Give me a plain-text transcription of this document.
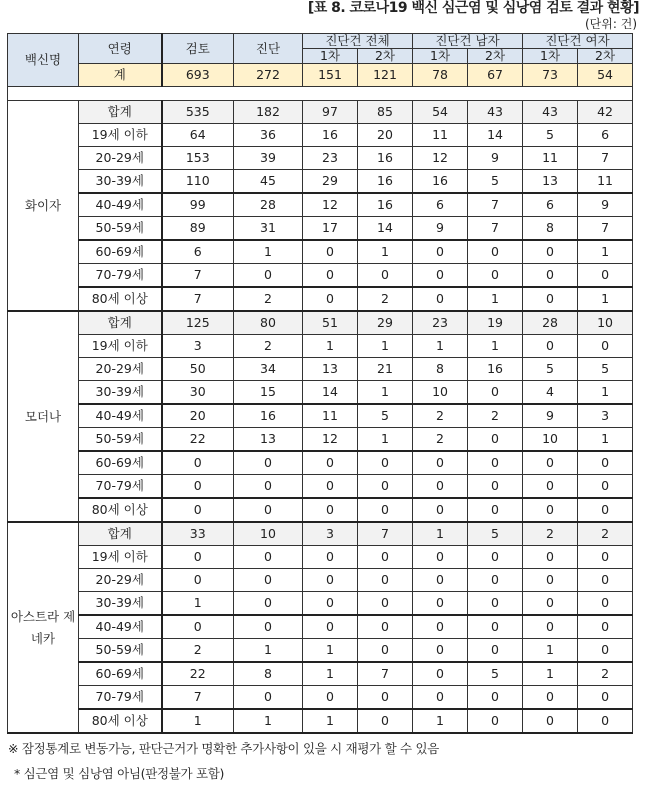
[표 8. 코로나19 백신 심근염 및 심낭염 검토 결과 현황]
(단위: 건)
백신명	연령	검토	진단	진단건 전체		진단건 남자		진단건 여자	
				1차	2차	1차	2차	1차	2차
	계	693	272	151	121	78	67	73	54

화이자	합계	535	182	97	85	54	43	43	42
	19세 이하	64	36	16	20	11	14	5	6
	20-29세	153	39	23	16	12	9	11	7
	30-39세	110	45	29	16	16	5	13	11
	40-49세	99	28	12	16	6	7	6	9
	50-59세	89	31	17	14	9	7	8	7
	60-69세	6	1	0	1	0	0	0	1
	70-79세	7	0	0	0	0	0	0	0
	80세 이상	7	2	0	2	0	1	0	1
모더나	합계	125	80	51	29	23	19	28	10
	19세 이하	3	2	1	1	1	1	0	0
	20-29세	50	34	13	21	8	16	5	5
	30-39세	30	15	14	1	10	0	4	1
	40-49세	20	16	11	5	2	2	9	3
	50-59세	22	13	12	1	2	0	10	1
	60-69세	0	0	0	0	0	0	0	0
	70-79세	0	0	0	0	0	0	0	0
	80세 이상	0	0	0	0	0	0	0	0
아스트라 제네카	합계	33	10	3	7	1	5	2	2
	19세 이하	0	0	0	0	0	0	0	0
	20-29세	0	0	0	0	0	0	0	0
	30-39세	1	0	0	0	0	0	0	0
	40-49세	0	0	0	0	0	0	0	0
	50-59세	2	1	1	0	0	0	1	0
	60-69세	22	8	1	7	0	5	1	2
	70-79세	7	0	0	0	0	0	0	0
	80세 이상	1	1	1	0	1	0	0	0
※ 잠정통계로 변동가능, 판단근거가 명확한 추가사항이 있을 시 재평가 할 수 있음
* 심근염 및 심낭염 아님(판정불가 포함)
